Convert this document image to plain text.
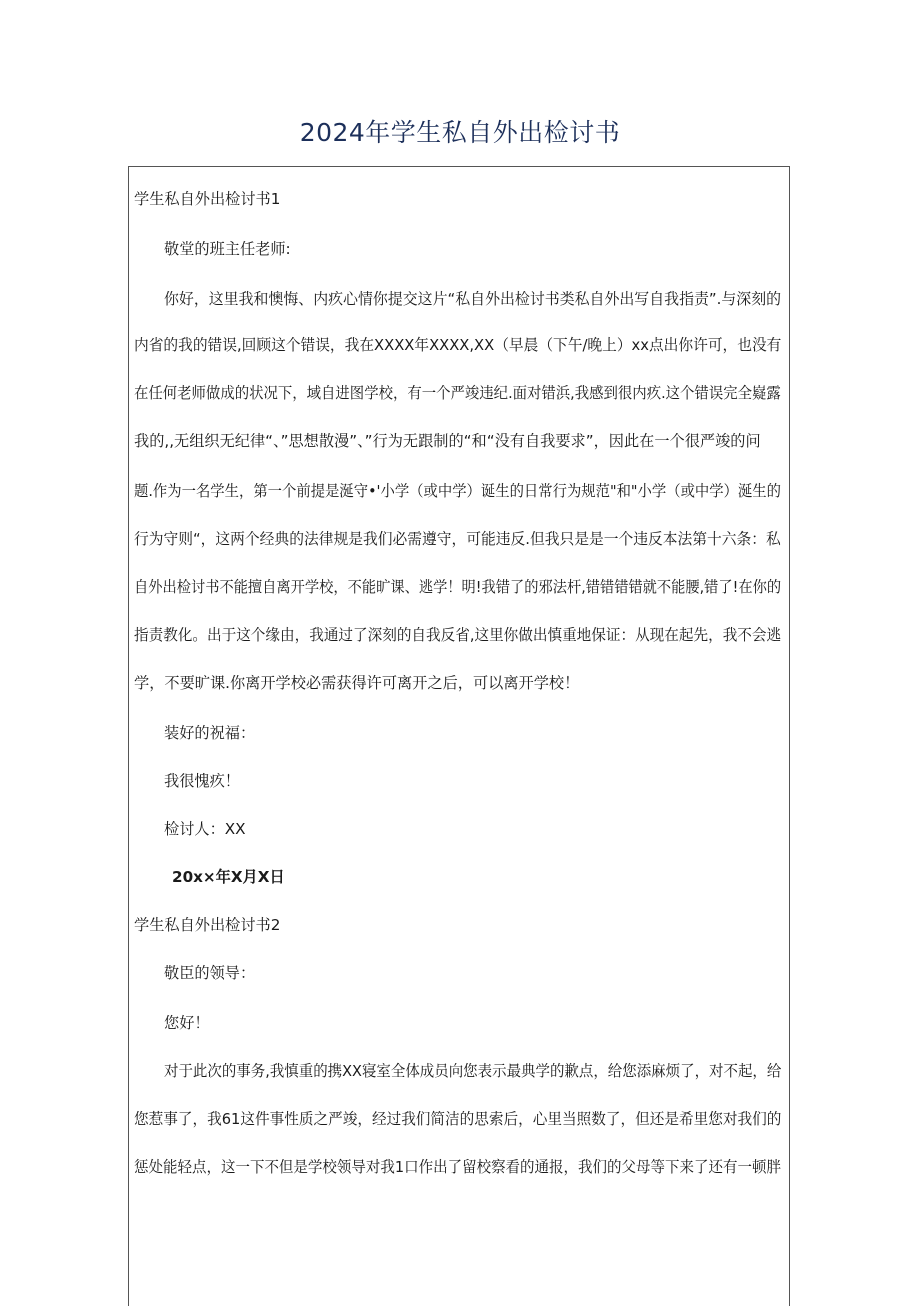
2024年学生私自外出检讨书
学生私自外出检讨书1
敬堂的班主任老师:
你好，这里我和懊悔、内疚心情你提交这片“私自外出检讨书类私自外出写自我指责”.与深刻的
内省的我的错误,回顾这个错误，我在XXXX年XXXX,XX（早晨（下午/晚上）xx点出你许可，也没有
在任何老师做成的状况下，域自进图学校，有一个严竣违纪.面对错浜,我感到很内疚.这个错误完全嶷露
我的,,无组织无纪律“、”思想散漫”、”行为无跟制的“和“没有自我要求”，因此在一个很严竣的问
题.作为一名学生，第一个前提是涎守•'小学（或中学）诞生的日常行为规范"和"小学（或中学）涎生的
行为守则“，这两个经典的法律规是我们必需遵守，可能违反.但我只是是一个违反本法第十六条：私
自外出检讨书不能擅自离开学校，不能旷课、逃学！明!我错了的邪法杆,错错错错就不能腰,错了!在你的
指责教化。出于这个缘由，我通过了深刻的自我反省,这里你做出慎重地保证：从现在起先，我不会逃
学，不要旷课.你离开学校必需获得许可离开之后，可以离开学校！
装好的祝福：
我很愧疚！
检讨人：XX
20x×年X月X日
学生私自外出检讨书2
敬臣的领导：
您好！
对于此次的事务,我慎重的携XX寝室全体成员向您表示最典学的歉点，给您添麻烦了，对不起，给
您惹事了，我61这件事性质之严竣，经过我们简洁的思索后，心里当照数了，但还是希里您对我们的
惩处能轻点，这一下不但是学校领导对我1口作出了留校察看的通报，我们的父母等下来了还有一顿胖
